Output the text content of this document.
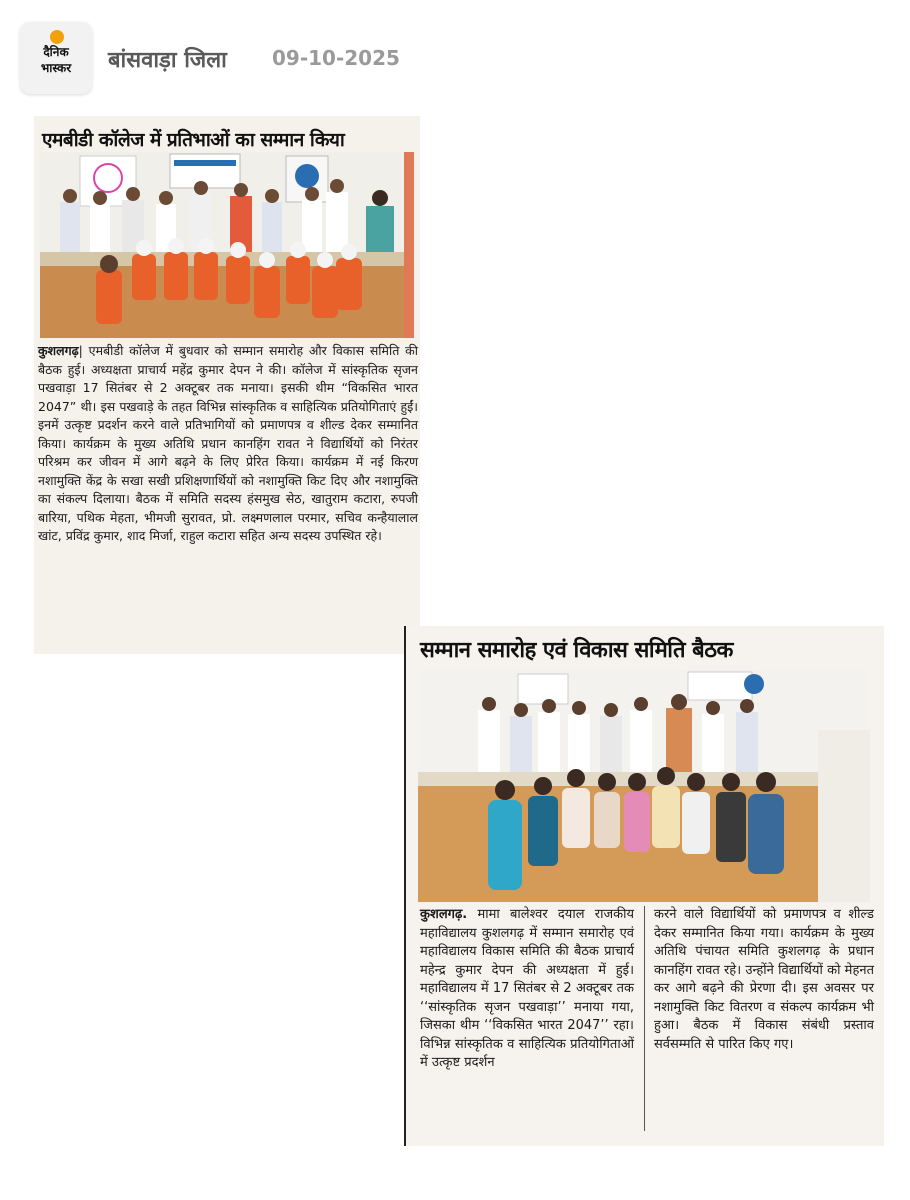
दैनिक
भास्कर	बांसवाड़ा जिला 09-10-2025
एमबीडी कॉलेज में प्रतिभाओं का सम्मान किया
कुशलगढ़| एमबीडी कॉलेज में बुधवार को सम्मान समारोह और विकास समिति की बैठक हुई। अध्यक्षता प्राचार्य महेंद्र कुमार देपन ने की। कॉलेज में सांस्कृतिक सृजन पखवाड़ा 17 सितंबर से 2 अक्टूबर तक मनाया। इसकी थीम “विकसित भारत 2047” थी। इस पखवाड़े के तहत विभिन्न सांस्कृतिक व साहित्यिक प्रतियोगिताएं हुईं। इनमें उत्कृष्ट प्रदर्शन करने वाले प्रतिभागियों को प्रमाणपत्र व शील्ड देकर सम्मानित किया। कार्यक्रम के मुख्य अतिथि प्रधान कानहिंग रावत ने विद्यार्थियों को निरंतर परिश्रम कर जीवन में आगे बढ़ने के लिए प्रेरित किया। कार्यक्रम में नई किरण नशामुक्ति केंद्र के सखा सखी प्रशिक्षणार्थियों को नशामुक्ति किट दिए और नशामुक्ति का संकल्प दिलाया। बैठक में समिति सदस्य हंसमुख सेठ, खातुराम कटारा, रुपजी बारिया, पथिक मेहता, भीमजी सुरावत, प्रो. लक्ष्मणलाल परमार, सचिव कन्हैयालाल खांट, प्रविंद्र कुमार, शाद मिर्जा, राहुल कटारा सहित अन्य सदस्य उपस्थित रहे।
सम्मान समारोह एवं विकास समिति बैठक
कुशलगढ़. मामा बालेश्वर दयाल राजकीय महाविद्यालय कुशलगढ़ में सम्मान समारोह एवं महाविद्यालय विकास समिति की बैठक प्राचार्य महेन्द्र कुमार देपन की अध्यक्षता में हुई। महाविद्यालय में 17 सितंबर से 2 अक्टूबर तक ‘‘सांस्कृतिक सृजन पखवाड़ा’’ मनाया गया, जिसका थीम ‘‘विकसित भारत 2047’’ रहा। विभिन्न सांस्कृतिक व साहित्यिक प्रतियोगिताओं में उत्कृष्ट प्रदर्शन
करने वाले विद्यार्थियों को प्रमाणपत्र व शील्ड देकर सम्मानित किया गया। कार्यक्रम के मुख्य अतिथि पंचायत समिति कुशलगढ़ के प्रधान कानहिंग रावत रहे। उन्होंने विद्यार्थियों को मेहनत कर आगे बढ़ने की प्रेरणा दी। इस अवसर पर नशामुक्ति किट वितरण व संकल्प कार्यक्रम भी हुआ। बैठक में विकास संबंधी प्रस्ताव सर्वसम्मति से पारित किए गए।
